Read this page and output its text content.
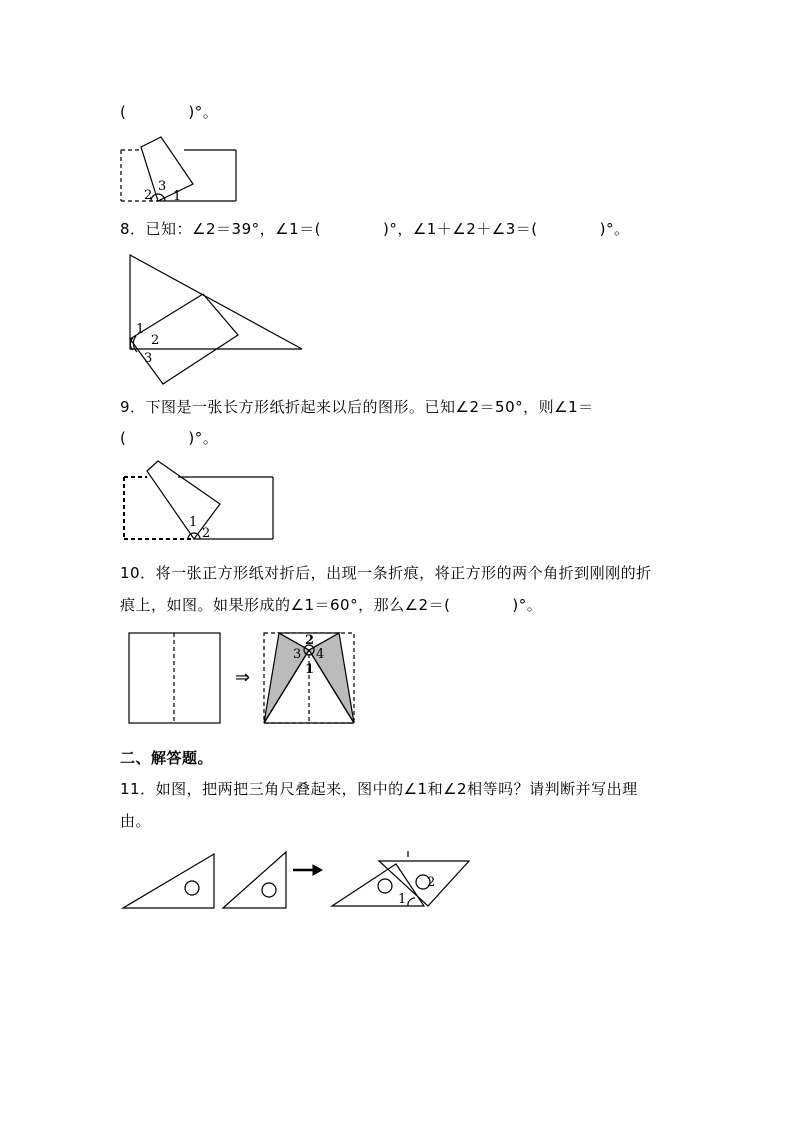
(　　　　)°。
2
3
1
8．已知：∠2＝39°，∠1＝(　　　　)°，∠1＋∠2＋∠3＝(　　　　)°。
1
2
3
9．下图是一张长方形纸折起来以后的图形。已知∠2＝50°，则∠1＝
(　　　　)°。
1
2
10．将一张正方形纸对折后，出现一条折痕，将正方形的两个角折到刚刚的折
痕上，如图。如果形成的∠1＝60°，那么∠2＝(　　　　)°。
⇒
2
3 4
1
二、解答题。
11．如图，把两把三角尺叠起来，图中的∠1和∠2相等吗？请判断并写出理
由。
1
2
